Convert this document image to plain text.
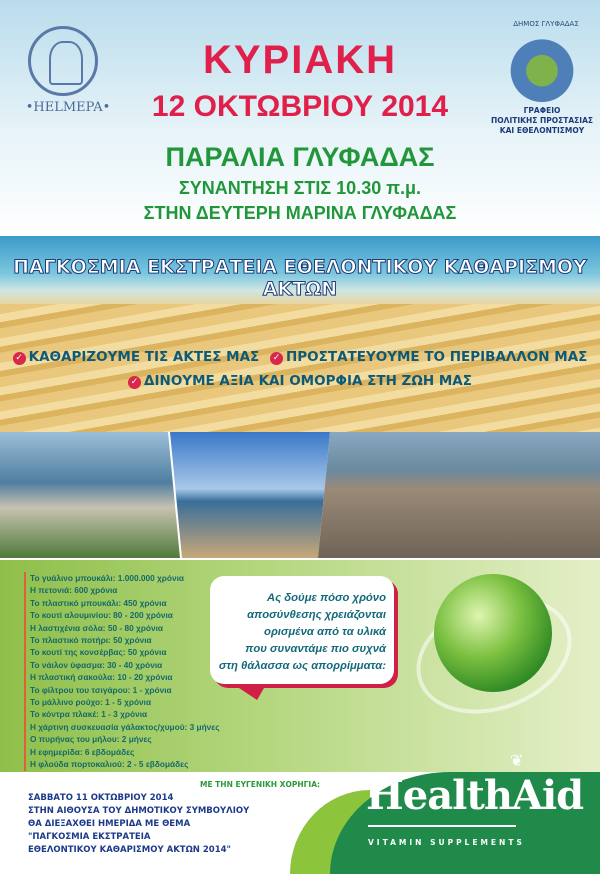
•HELMEPA•
ΔΗΜΟΣ ΓΛΥΦΑΔΑΣ
ΓΡΑΦΕΙΟ
ΠΟΛΙΤΙΚΗΣ ΠΡΟΣΤΑΣΙΑΣ
ΚΑΙ ΕΘΕΛΟΝΤΙΣΜΟΥ
ΚΥΡΙΑΚΗ
12 ΟΚΤΩΒΡΙΟΥ 2014
ΠΑΡΑΛΙΑ ΓΛΥΦΑΔΑΣ
ΣΥΝΑΝΤΗΣΗ ΣΤΙΣ 10.30 π.μ.
ΣΤΗΝ ΔΕΥΤΕΡΗ ΜΑΡΙΝΑ ΓΛΥΦΑΔΑΣ
ΠΑΓΚΟΣΜΙΑ ΕΚΣΤΡΑΤΕΙΑ ΕΘΕΛΟΝΤΙΚΟΥ ΚΑΘΑΡΙΣΜΟΥ ΑΚΤΩΝ
✓ ΚΑΘΑΡΙΖΟΥΜΕ ΤΙΣ ΑΚΤΕΣ ΜΑΣ ✓ ΠΡΟΣΤΑΤΕΥΟΥΜΕ ΤΟ ΠΕΡΙΒΑΛΛΟΝ ΜΑΣ
✓ ΔΙΝΟΥΜΕ ΑΞΙΑ ΚΑΙ ΟΜΟΡΦΙΑ ΣΤΗ ΖΩΗ ΜΑΣ
Ας δούμε πόσο χρόνο
αποσύνθεσης χρειάζονται
ορισμένα από τα υλικά
που συναντάμε πιο συχνά
στη θάλασσα ως απορρίμματα:
Το γυάλινο μπουκάλι: 1.000.000 χρόνια
Η πετονιά: 600 χρόνια
Το πλαστικό μπουκάλι: 450 χρόνια
Το κουτί αλουμινίου: 80 - 200 χρόνια
Η λαστιχένια σόλα: 50 - 80 χρόνια
Το πλαστικό ποτήρι: 50 χρόνια
Το κουτί της κονσέρβας: 50 χρόνια
Το νάιλον ύφασμα: 30 - 40 χρόνια
Η πλαστική σακούλα: 10 - 20 χρόνια
Το φίλτρου του τσιγάρου: 1 - χρόνια
Το μάλλινο ρούχο: 1 - 5 χρόνια
Το κόντρα πλακέ: 1 - 3 χρόνια
Η χάρτινη συσκευασία γάλακτος/χυμού: 3 μήνες
Ο πυρήνας του μήλου: 2 μήνες
Η εφημερίδα: 6 εβδομάδες
Η φλούδα πορτοκαλιού: 2 - 5 εβδομάδες
ΜΕ ΤΗΝ ΕΥΓΕΝΙΚΗ ΧΟΡΗΓΙΑ:
ΣΑΒΒΑΤΟ 11 ΟΚΤΩΒΡΙΟΥ 2014
ΣΤΗΝ ΑΙΘΟΥΣΑ ΤΟΥ ΔΗΜΟΤΙΚΟΥ ΣΥΜΒΟΥΛΙΟΥ
ΘΑ ΔΙΕΞΑΧΘΕΙ ΗΜΕΡΙΔΑ ΜΕ ΘΕΜΑ
"ΠΑΓΚΟΣΜΙΑ ΕΚΣΤΡΑΤΕΙΑ
ΕΘΕΛΟΝΤΙΚΟΥ ΚΑΘΑΡΙΣΜΟΥ ΑΚΤΩΝ 2014"
❦
HealthAid
VITAMIN SUPPLEMENTS
